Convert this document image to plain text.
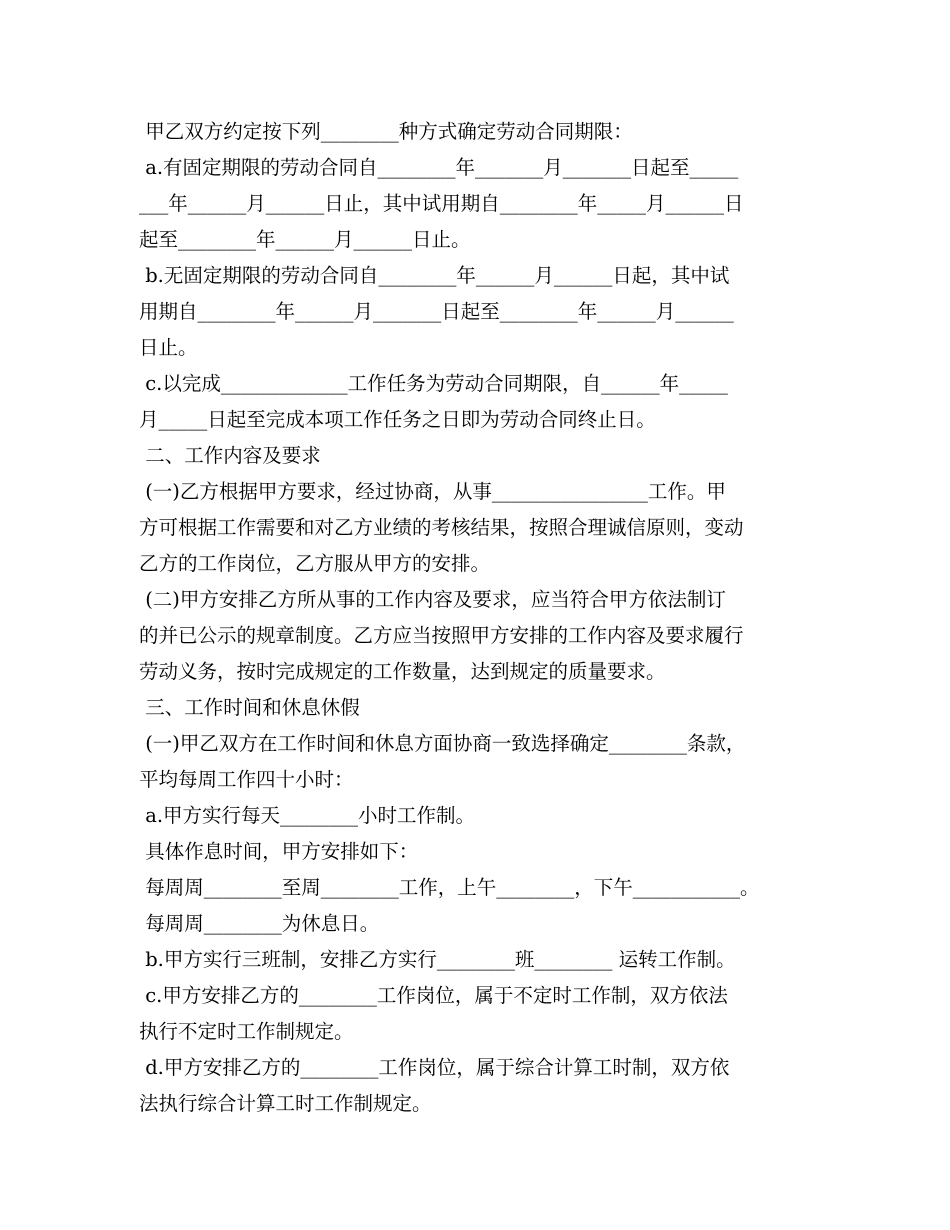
甲乙双方约定按下列________种方式确定劳动合同期限：

a.有固定期限的劳动合同自________年_______月_______日起至_____

___年______月______日止，其中试用期自________年_____月______日

起至________年______月______日止。

b.无固定期限的劳动合同自________年______月______日起，其中试

用期自________年______月_______日起至________年______月______

日止。

c.以完成_____________工作任务为劳动合同期限，自______年_____

月_____日起至完成本项工作任务之日即为劳动合同终止日。

二、工作内容及要求

(一)乙方根据甲方要求，经过协商，从事________________工作。甲

方可根据工作需要和对乙方业绩的考核结果，按照合理诚信原则，变动

乙方的工作岗位，乙方服从甲方的安排。

(二)甲方安排乙方所从事的工作内容及要求，应当符合甲方依法制订

的并已公示的规章制度。乙方应当按照甲方安排的工作内容及要求履行

劳动义务，按时完成规定的工作数量，达到规定的质量要求。

三、工作时间和休息休假

(一)甲乙双方在工作时间和休息方面协商一致选择确定________条款，

平均每周工作四十小时：

a.甲方实行每天________小时工作制。

具体作息时间，甲方安排如下：

每周周________至周________工作，上午________，下午___________。

每周周________为休息日。

b.甲方实行三班制，安排乙方实行________班________ 运转工作制。

c.甲方安排乙方的________工作岗位，属于不定时工作制，双方依法

执行不定时工作制规定。

d.甲方安排乙方的________工作岗位，属于综合计算工时制，双方依

法执行综合计算工时工作制规定。
